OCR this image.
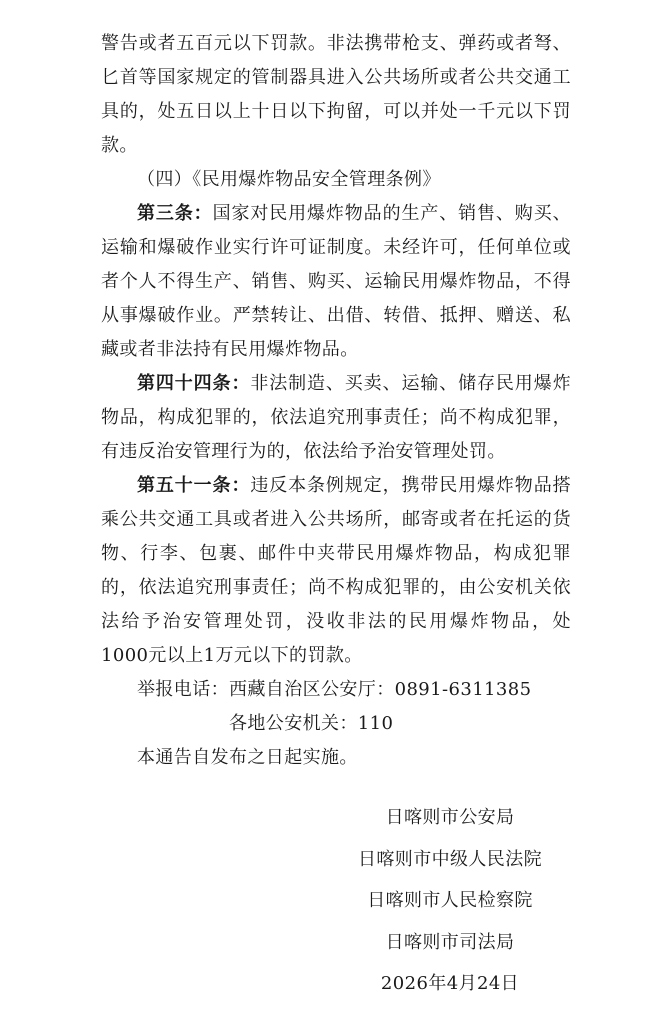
警告或者五百元以下罚款。非法携带枪支、弹药或者弩、匕首等国家规定的管制器具进入公共场所或者公共交通工具的，处五日以上十日以下拘留，可以并处一千元以下罚款。

（四）《民用爆炸物品安全管理条例》

第三条：国家对民用爆炸物品的生产、销售、购买、运输和爆破作业实行许可证制度。未经许可，任何单位或者个人不得生产、销售、购买、运输民用爆炸物品，不得从事爆破作业。严禁转让、出借、转借、抵押、赠送、私藏或者非法持有民用爆炸物品。

第四十四条：非法制造、买卖、运输、储存民用爆炸物品，构成犯罪的，依法追究刑事责任；尚不构成犯罪，有违反治安管理行为的，依法给予治安管理处罚。

第五十一条：违反本条例规定，携带民用爆炸物品搭乘公共交通工具或者进入公共场所，邮寄或者在托运的货物、行李、包裹、邮件中夹带民用爆炸物品，构成犯罪的，依法追究刑事责任；尚不构成犯罪的，由公安机关依法给予治安管理处罚，没收非法的民用爆炸物品，处1000元以上1万元以下的罚款。

举报电话：西藏自治区公安厅：0891-6311385

各地公安机关：110

本通告自发布之日起实施。

日喀则市公安局
日喀则市中级人民法院
日喀则市人民检察院
日喀则市司法局
2026年4月24日
